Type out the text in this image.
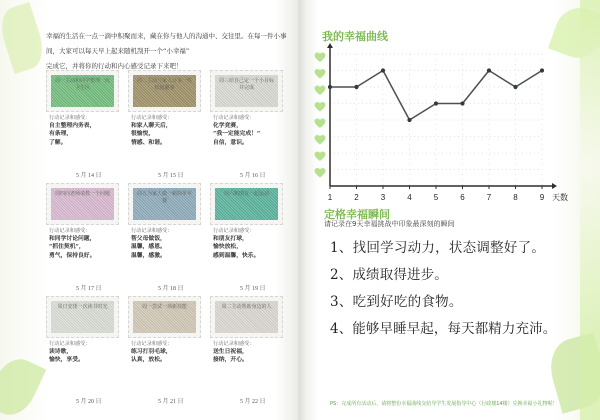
幸福的生活在一点一滴中积聚而来，藏在你与他人的沟通中、交往里。在每一件小事间，大家可以每天早上起来随机刮开一个“小幸福”
完成它，并将你的行动和内心感受记录下来吧！
周一主动和同学整理一次卫生区
行动记录和感受：
自主整理内务表，
有条理，
了解。
5 月 14 日
周二主动与家人分享一件校园趣事
行动记录和感受：
和家人聊天后，
很愉悦，
情感、和谐。
5 月 15 日
周三给自己定一个小目标并完成
行动记录和感受：
化学竞赛，
“我一定能完成！”
自信，意识。
5 月 16 日
周四向老师请教一个问题
行动记录和感受：
和同学讨论问题，
“抓住契机”，
勇气，保持良好。
5 月 17 日
周五为家人做一顿简单早餐
行动记录和感受：
帮父母做饭，
温馨，感恩。
温馨，感激。
5 月 18 日
周六和朋友一起运动
行动记录和感受：
和朋友打球，
愉快放松，
感到温馨，快乐。
5 月 19 日
周日安排一次读书时光
行动记录和感受：
读诗歌，
愉快，享受。
5 月 20 日
周一尝试一项新技能
行动记录和感受：
练习打羽毛球，
认真，放松。
5 月 21 日
周二主动帮助身边的人
行动记录和感受：
送生日祝福，
接纳，开心。
5 月 22 日
我的幸福曲线
1	2	3	4	5	6	7	8	9 天数
定格幸福瞬间
请记录在9天幸福挑战中印象最深刻的瞬间
1、找回学习动力，状态调整好了。
2、成绩取得进步。
3、吃到好吃的食物。
4、能够早睡早起，每天都精力充沛。
PS：完成所有活动后，请将整份幸福曲线交给导学生发展指导中心（行政楼14楼）兑换幸福小礼物呢！
